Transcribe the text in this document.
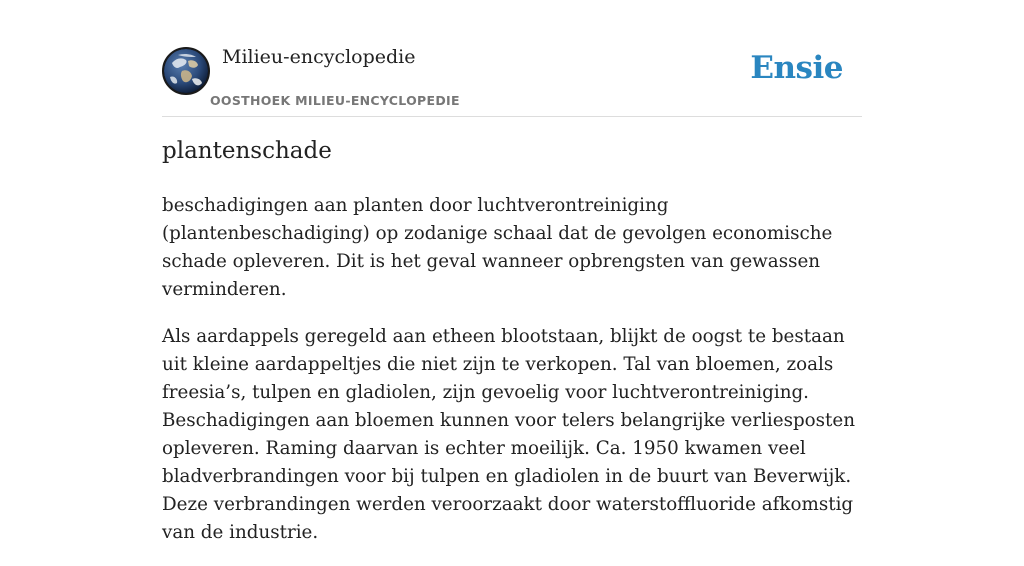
Milieu-encyclopedie
OOSTHOEK MILIEU-ENCYCLOPEDIE
Ensie
plantenschade

beschadigingen aan planten door luchtverontreiniging (plantenbeschadiging) op zodanige schaal dat de gevolgen economische schade opleveren. Dit is het geval wanneer opbrengsten van gewassen verminderen.

Als aardappels geregeld aan etheen blootstaan, blijkt de oogst te bestaan uit kleine aardappeltjes die niet zijn te verkopen. Tal van bloemen, zoals freesia’s, tulpen en gladiolen, zijn gevoelig voor luchtverontreiniging. Beschadigingen aan bloemen kunnen voor telers belangrijke verliesposten opleveren. Raming daarvan is echter moeilijk. Ca. 1950 kwamen veel bladverbrandingen voor bij tulpen en gladiolen in de buurt van Beverwijk. Deze verbrandingen werden veroorzaakt door waterstoffluoride afkomstig van de industrie.
